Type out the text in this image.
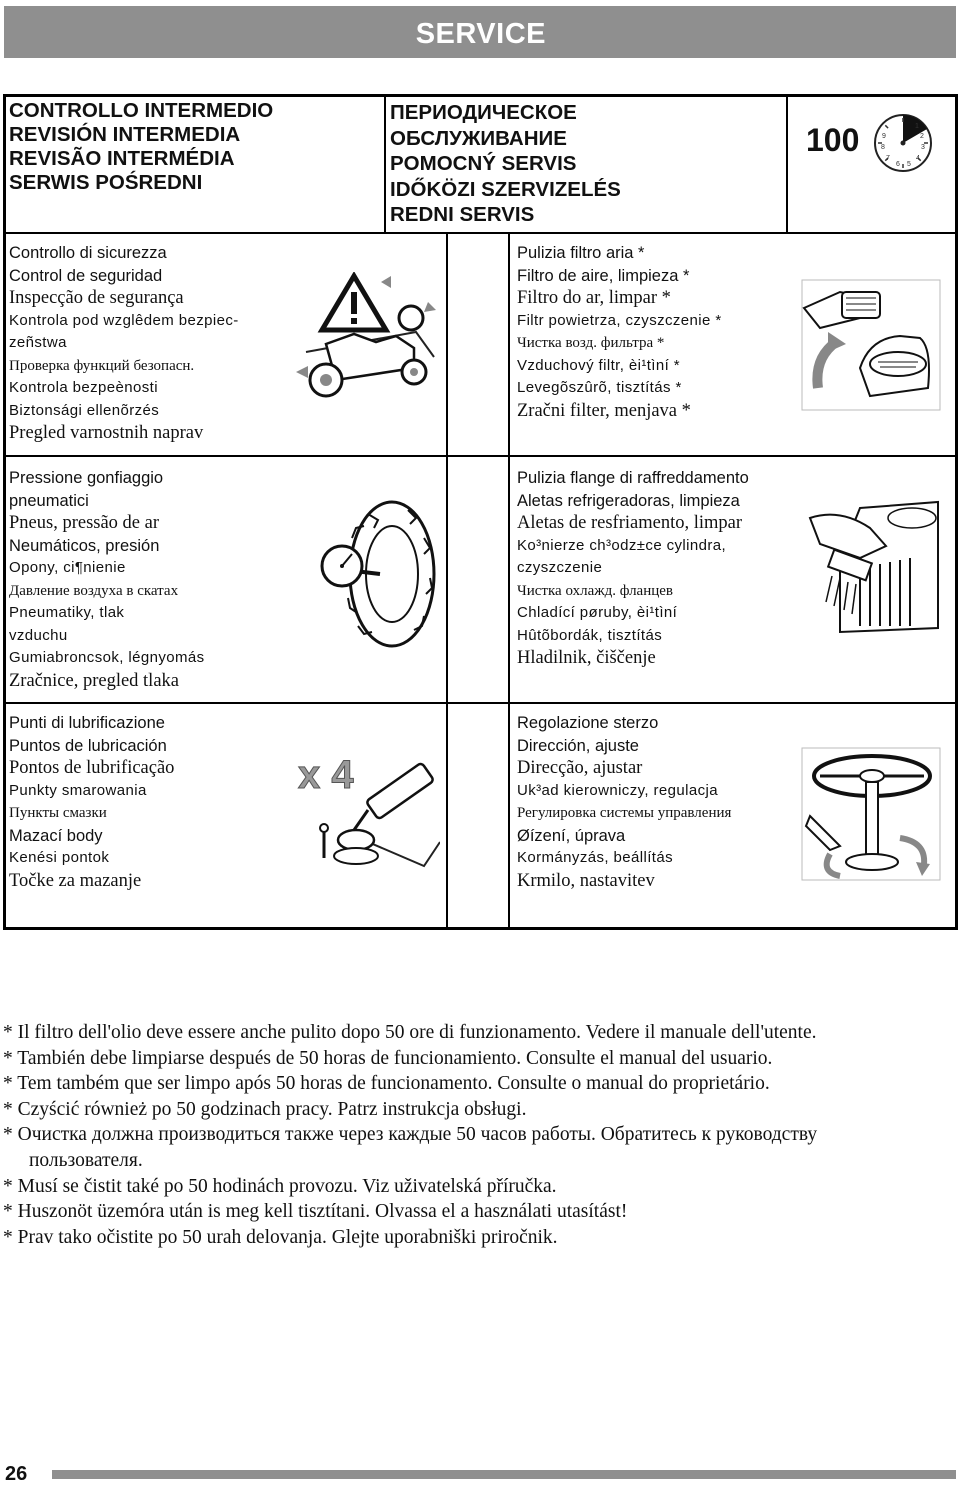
SERVICE
CONTROLLO INTERMEDIO
REVISIÓN INTERMEDIA
REVISÃO INTERMÉDIA
SERWIS POŚREDNI
ПЕРИОДИЧЕСКОЕ
ОБСЛУЖИВАНИЕ
POMOCNÝ SERVIS
IDŐKÖZI SZERVIZELÉS
REDNI SERVIS
100	1
2
3
4
5
6
7
8
9
Controllo di sicurezza
Control de seguridad
Inspecção de segurança
Kontrola pod wzglêdem bezpiec-
zeñstwa
Проверка функций безопасн.
Kontrola bezpeènosti
Biztonsági ellenõrzés
Pregled varnostnih naprav
Pulizia filtro aria *
Filtro de aire, limpieza *
Filtro do ar, limpar *
Filtr powietrza, czyszczenie *
Чистка возд. фильтра *
Vzduchový filtr, èi¹tìní *
Levegõszûrõ, tisztítás *
Zračni filter, menjava *
Pressione gonfiaggio
pneumatici
Pneus, pressão de ar
Neumáticos, presión
Opony, ci¶nienie
Давление воздуха в скатах
Pneumatiky, tlak
vzduchu
Gumiabroncsok, légnyomás
Zračnice, pregled tlaka
Pulizia flange di raffreddamento
Aletas refrigeradoras, limpieza
Aletas de resfriamento, limpar
Ko³nierze ch³odz±ce cylindra,
czyszczenie
Чистка охлажд. фланцев
Chladící pøruby, èi¹tìní
Hûtõbordák, tisztítás
Hladilnik, čiščenje
Punti di lubrificazione
Puntos de lubricación
Pontos de lubrificação
Punkty smarowania
Пункты смазки
Mazací body
Kenési pontok
Točke za mazanje
x 4
Regolazione sterzo
Dirección, ajuste
Direcção, ajustar
Uk³ad kierowniczy, regulacja
Регулировка системы управления
Øízení, úprava
Kormányzás, beállítás
Krmilo, nastavitev
* Il filtro dell'olio deve essere anche pulito dopo 50 ore di funzionamento. Vedere il manuale dell'utente.
* También debe limpiarse después de 50 horas de funcionamiento. Consulte el manual del usuario.
* Tem também que ser limpo após 50 horas de funcionamento. Consulte o manual do proprietário.
* Czyścić również po 50 godzinach pracy. Patrz instrukcja obsługi.
* Очистка должна производиться также через каждые 50 часов работы. Обратитесь к руководству
пользователя.
* Musí se čistit také po 50 hodinách provozu. Viz uživatelská příručka.
* Huszonöt üzemóra után is meg kell tisztítani. Olvassa el a használati utasítást!
* Prav tako očistite po 50 urah delovanja. Glejte uporabniški priročnik.
26
